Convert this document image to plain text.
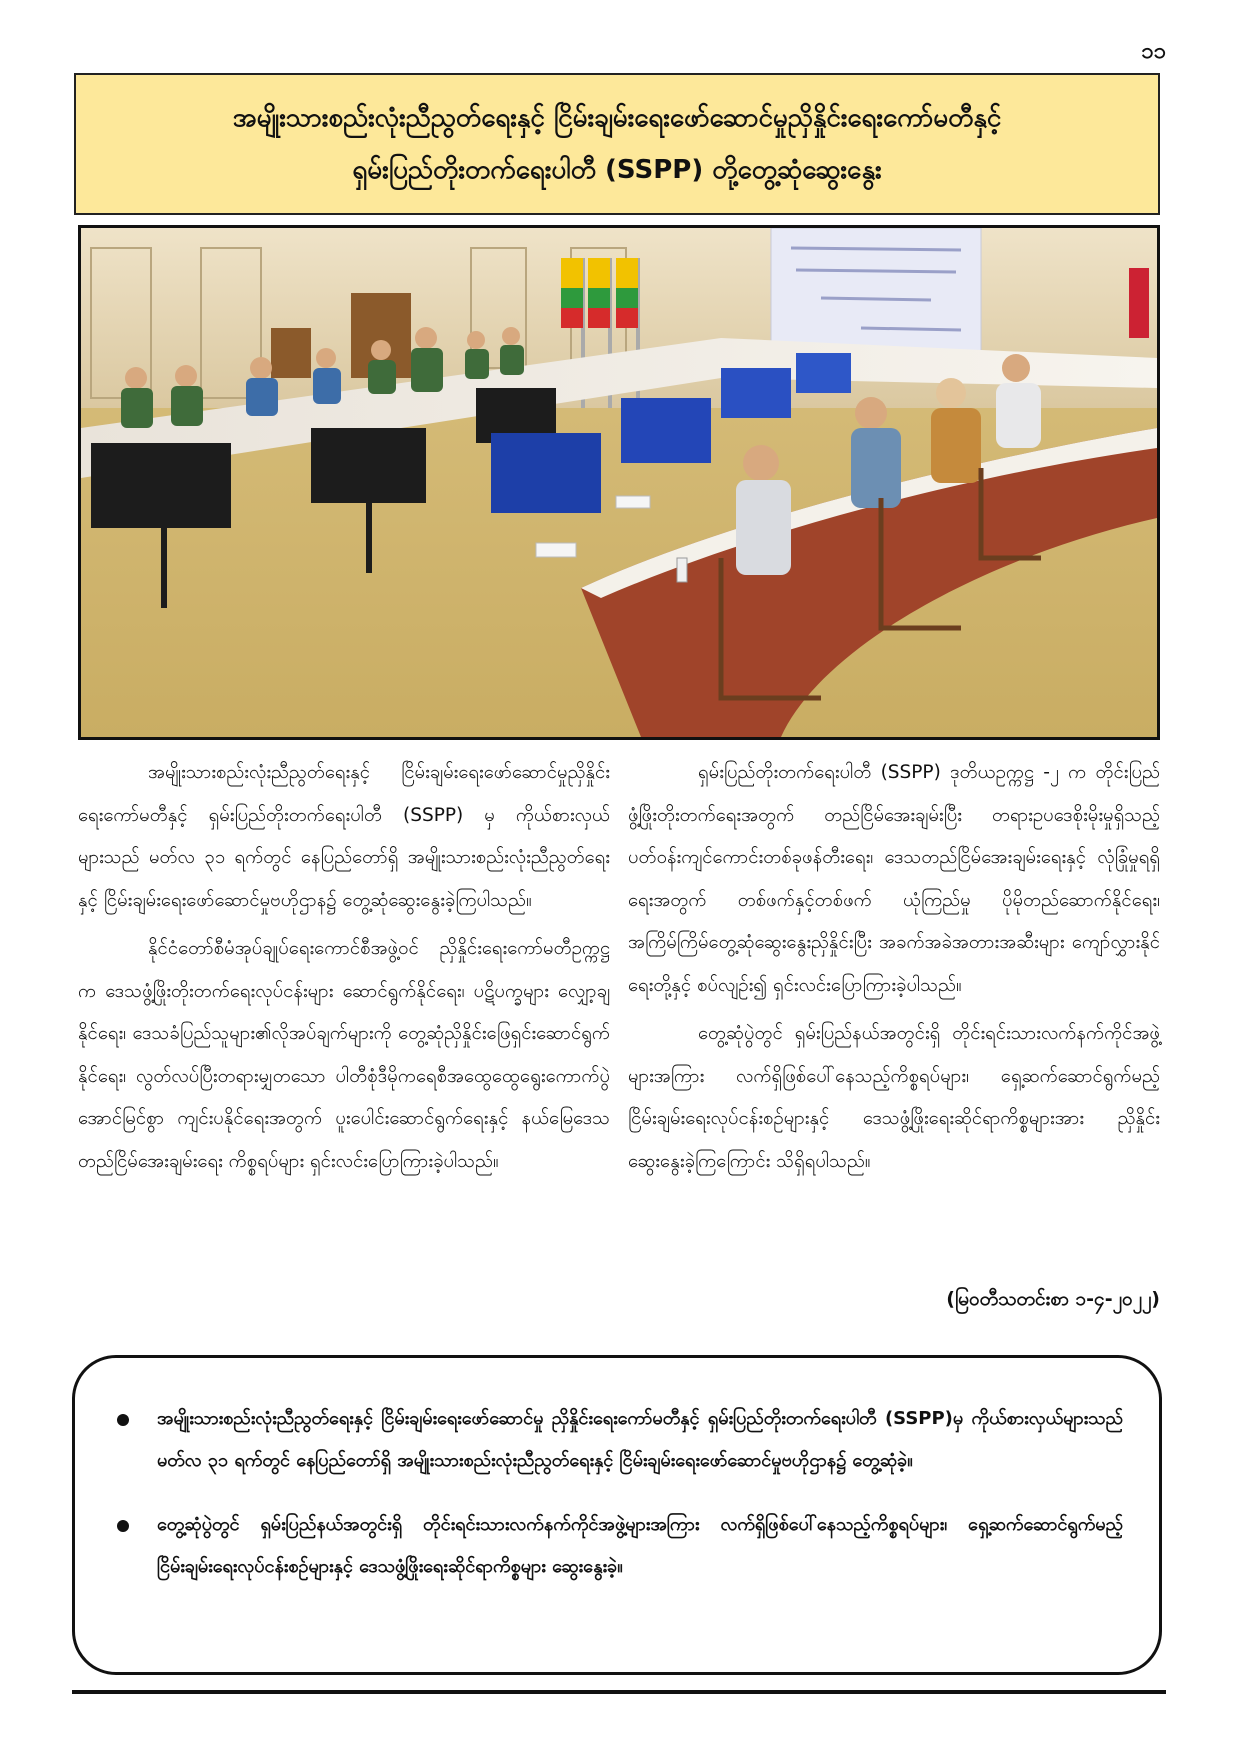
၁၁
အမျိုးသားစည်းလုံးညီညွတ်ရေးနှင့် ငြိမ်းချမ်းရေးဖော်ဆောင်မှုညှိနှိုင်းရေးကော်မတီနှင့်
ရှမ်းပြည်တိုးတက်ရေးပါတီ (SSPP) တို့တွေ့ဆုံဆွေးနွေး

အမျိုးသားစည်းလုံးညီညွတ်ရေးနှင့် ငြိမ်းချမ်းရေးဖော်ဆောင်မှုညှိနှိုင်းရေးကော်မတီနှင့် ရှမ်းပြည်တိုးတက်ရေးပါတီ (SSPP) မှ ကိုယ်စားလှယ်များသည် မတ်လ ၃၁ ရက်တွင် နေပြည်တော်ရှိ အမျိုးသားစည်းလုံးညီညွတ်ရေးနှင့် ငြိမ်းချမ်းရေးဖော်ဆောင်မှုဗဟိုဌာန၌ တွေ့ဆုံဆွေးနွေးခဲ့ကြပါသည်။

နိုင်ငံတော်စီမံအုပ်ချုပ်ရေးကောင်စီအဖွဲ့ဝင် ညှိနှိုင်းရေးကော်မတီဥက္ကဋ္ဌက ဒေသဖွံ့ဖြိုးတိုးတက်ရေးလုပ်ငန်းများ ဆောင်ရွက်နိုင်ရေး၊ ပဋိပက္ခများ လျှော့ချနိုင်ရေး၊ ဒေသခံပြည်သူများ၏လိုအပ်ချက်များကို တွေ့ဆုံညှိနှိုင်းဖြေရှင်းဆောင်ရွက်နိုင်ရေး၊ လွတ်လပ်ပြီးတရားမျှတသော ပါတီစုံဒီမိုကရေစီအထွေထွေရွေးကောက်ပွဲ အောင်မြင်စွာ ကျင်းပနိုင်ရေးအတွက် ပူးပေါင်းဆောင်ရွက်ရေးနှင့် နယ်မြေဒေသတည်ငြိမ်အေးချမ်းရေး ကိစ္စရပ်များ ရှင်းလင်းပြောကြားခဲ့ပါသည်။

ရှမ်းပြည်တိုးတက်ရေးပါတီ (SSPP) ဒုတိယဥက္ကဋ္ဌ -၂ က တိုင်းပြည်ဖွံ့ဖြိုးတိုးတက်ရေးအတွက် တည်ငြိမ်အေးချမ်းပြီး တရားဥပဒေစိုးမိုးမှုရှိသည့် ပတ်ဝန်းကျင်ကောင်းတစ်ခုဖန်တီးရေး၊ ဒေသတည်ငြိမ်အေးချမ်းရေးနှင့် လုံခြုံမှုရရှိရေးအတွက် တစ်ဖက်နှင့်တစ်ဖက် ယုံကြည်မှု ပိုမိုတည်ဆောက်နိုင်ရေး၊ အကြိမ်ကြိမ်တွေ့ဆုံဆွေးနွေးညှိနှိုင်းပြီး အခက်အခဲအတားအဆီးများ ကျော်လွှားနိုင်ရေးတို့နှင့် စပ်လျဉ်း၍ ရှင်းလင်းပြောကြားခဲ့ပါသည်။

တွေ့ဆုံပွဲတွင် ရှမ်းပြည်နယ်အတွင်းရှိ တိုင်းရင်းသားလက်နက်ကိုင်အဖွဲ့များအကြား လက်ရှိဖြစ်ပေါ်နေသည့်ကိစ္စရပ်များ၊ ရှေ့ဆက်ဆောင်ရွက်မည့် ငြိမ်းချမ်းရေးလုပ်ငန်းစဉ်များနှင့် ဒေသဖွံ့ဖြိုးရေးဆိုင်ရာကိစ္စများအား ညှိနှိုင်းဆွေးနွေးခဲ့ကြကြောင်း သိရှိရပါသည်။

(မြဝတီသတင်းစာ ၁-၄-၂၀၂၂)
အမျိုးသားစည်းလုံးညီညွတ်ရေးနှင့် ငြိမ်းချမ်းရေးဖော်ဆောင်မှု ညှိနှိုင်းရေးကော်မတီနှင့် ရှမ်းပြည်တိုးတက်ရေးပါတီ (SSPP)မှ ကိုယ်စားလှယ်များသည် မတ်လ ၃၁ ရက်တွင် နေပြည်တော်ရှိ အမျိုးသားစည်းလုံးညီညွတ်ရေးနှင့် ငြိမ်းချမ်းရေးဖော်ဆောင်မှုဗဟိုဌာန၌ တွေ့ဆုံခဲ့။
တွေ့ဆုံပွဲတွင် ရှမ်းပြည်နယ်အတွင်းရှိ တိုင်းရင်းသားလက်နက်ကိုင်အဖွဲ့များအကြား လက်ရှိဖြစ်ပေါ်နေသည့်ကိစ္စရပ်များ၊ ရှေ့ဆက်ဆောင်ရွက်မည့် ငြိမ်းချမ်းရေးလုပ်ငန်းစဉ်များနှင့် ဒေသဖွံ့ဖြိုးရေးဆိုင်ရာကိစ္စများ ဆွေးနွေးခဲ့။
